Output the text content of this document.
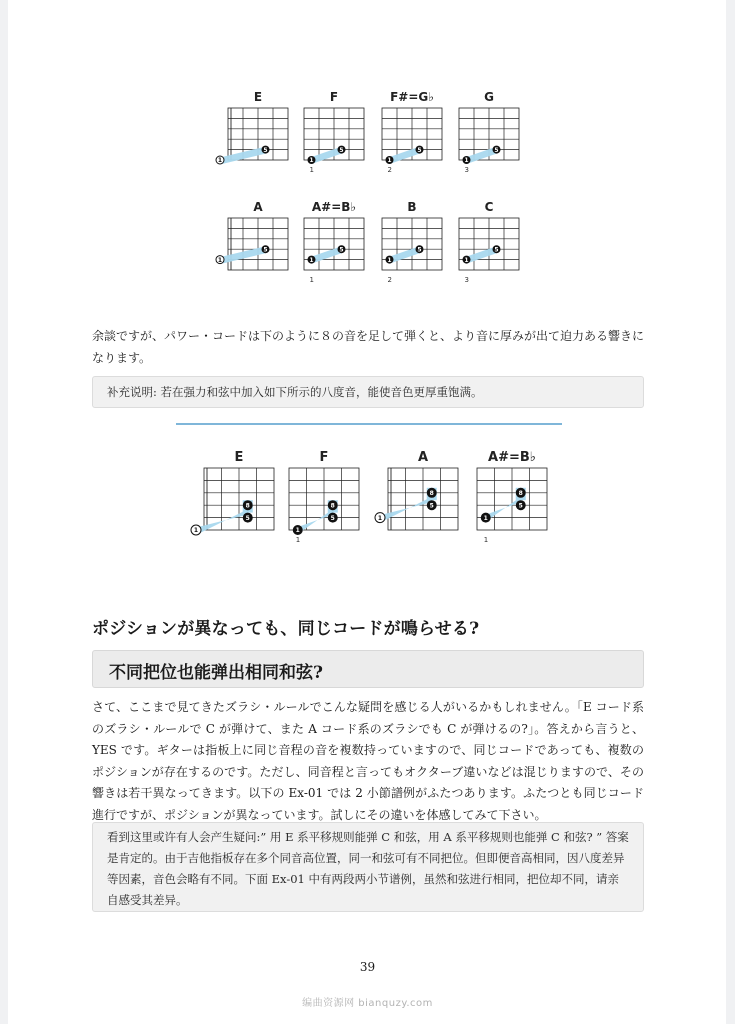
E
1
5
F
1
5
1
F#=G♭
1
5
2
G
1
5
3
A
1
5
A#=B♭
1
5
1
B
1
5
2
C
1
5
3

余談ですが、パワー・コードは下のように８の音を足して弾くと、より音に厚みが出て迫力ある響きになります。

补充说明: 若在强力和弦中加入如下所示的八度音，能使音色更厚重饱满。
E
1
5
8
F
1
5
8
1
A
1
5
8
A#=B♭
1
5
8
1
ポジションが異なっても、同じコードが鳴らせる?
不同把位也能弹出相同和弦?

さて、ここまで見てきたズラシ・ルールでこんな疑問を感じる人がいるかもしれません。「E コード系のズラシ・ルールで C が弾けて、また A コード系のズラシでも C が弾けるの?」。答えから言うと、YES です。ギターは指板上に同じ音程の音を複数持っていますので、同じコードであっても、複数のポジションが存在するのです。ただし、同音程と言ってもオクターブ違いなどは混じりますので、その響きは若干異なってきます。以下の Ex-01 では 2 小節譜例がふたつあります。ふたつとも同じコード進行ですが、ポジションが異なっています。試しにその違いを体感してみて下さい。

看到这里或许有人会产生疑问:” 用 E 系平移规则能弹 C 和弦，用 A 系平移规则也能弹 C 和弦? ” 答案是肯定的。由于吉他指板存在多个同音高位置，同一和弦可有不同把位。但即便音高相同，因八度差异等因素，音色会略有不同。下面 Ex-01 中有两段两小节谱例，虽然和弦进行相同，把位却不同，请亲自感受其差异。
39
编曲资源网 bianquzy.com
